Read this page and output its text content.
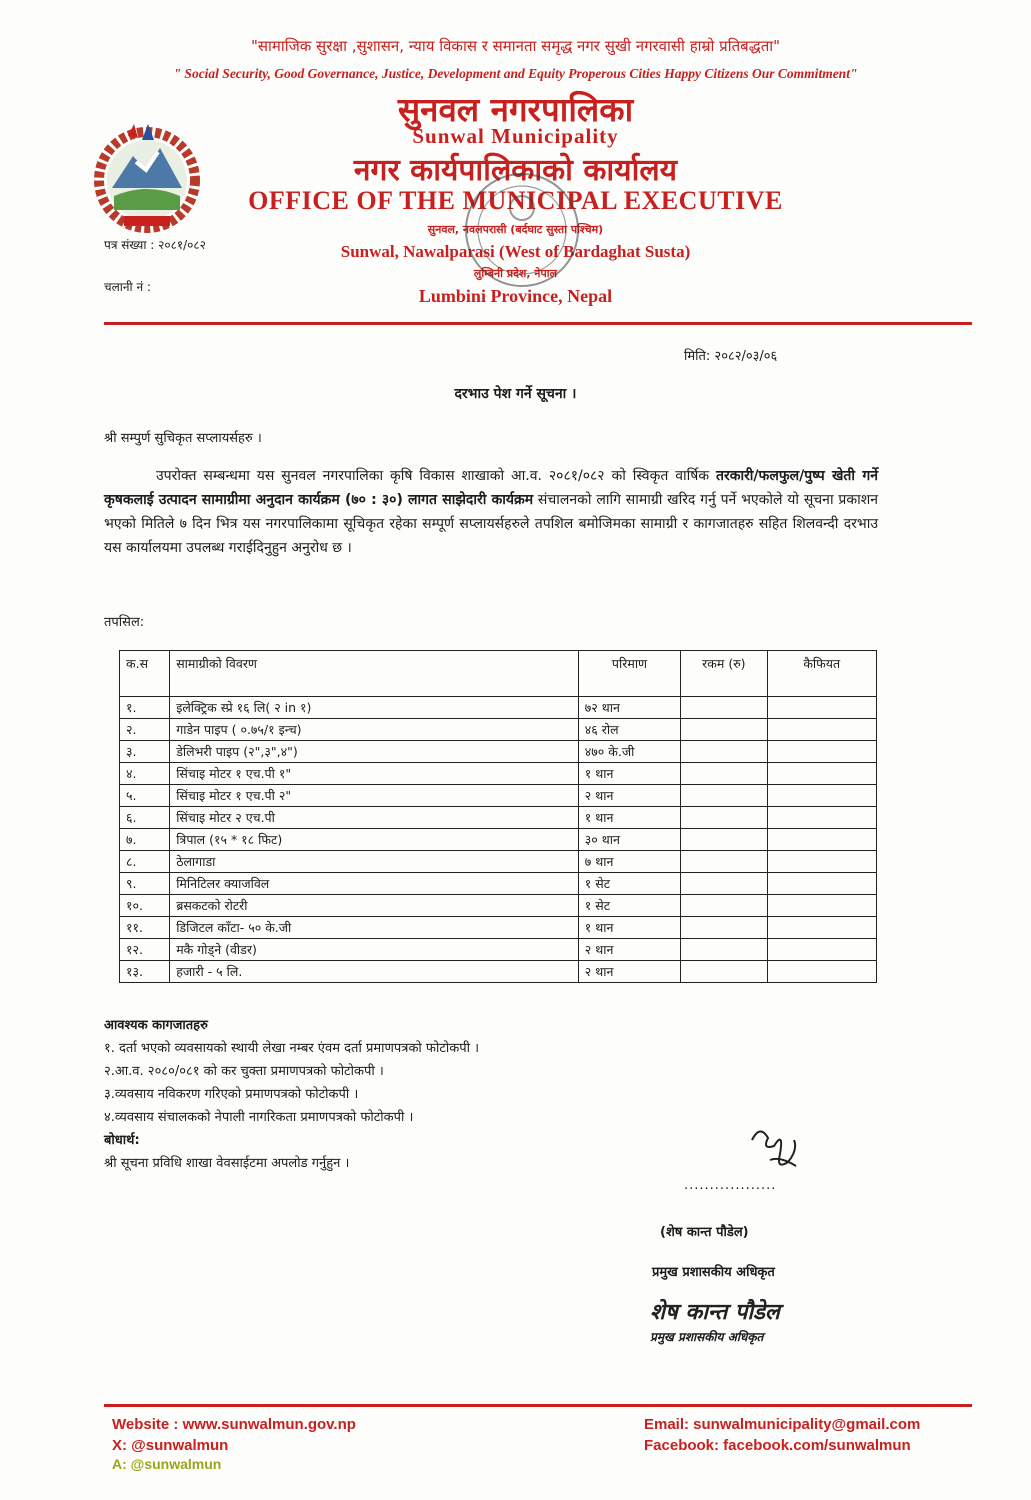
"सामाजिक सुरक्षा ,सुशासन, न्याय विकास र समानता समृद्ध नगर सुखी नगरवासी हाम्रो प्रतिबद्धता"
" Social Security, Good Governance, Justice, Development and Equity Properous Cities Happy Citizens Our Commitment"
सुनवल नगरपालिका
Sunwal Municipality
नगर कार्यपालिकाको कार्यालय
OFFICE OF THE MUNICIPAL EXECUTIVE
सुनवल, नवलपरासी (बर्दघाट सुस्ता पश्चिम)
Sunwal, Nawalparasi (West of Bardaghat Susta)
लुम्बिनी प्रदेश, नेपाल
Lumbini Province, Nepal
पत्र संख्या : २०८१/०८२
चलानी नं :
मिति: २०८२/०३/०६
दरभाउ पेश गर्ने सूचना ।
श्री सम्पुर्ण सुचिकृत सप्लायर्सहरु ।
उपरोक्त सम्बन्धमा यस सुनवल नगरपालिका कृषि विकास शाखाको आ.व. २०८१/०८२ को स्विकृत वार्षिक तरकारी/फलफुल/पुष्प खेती गर्ने कृषकलाई उत्पादन सामाग्रीमा अनुदान कार्यक्रम (७० : ३०) लागत साझेदारी कार्यक्रम संचालनको लागि सामाग्री खरिद गर्नु पर्ने भएकोले यो सूचना प्रकाशन भएको मितिले ७ दिन भित्र यस नगरपालिकामा सूचिकृत रहेका सम्पूर्ण सप्लायर्सहरुले तपशिल बमोजिमका सामाग्री र कागजातहरु सहित शिलवन्दी दरभाउ यस कार्यालयमा उपलब्ध गराईदिनुहुन अनुरोध छ ।
तपसिल:
क.स	सामाग्रीको विवरण	परिमाण	रकम (रु)	कैफियत
१.	इलेक्ट्रिक स्प्रे १६ लि( २ in १)	७२ थान		
२.	गाडेन पाइप ( ०.७५/१ इन्च)	४६ रोल		
३.	डेलिभरी पाइप (२",३",४")	४७० के.जी		
४.	सिंचाइ मोटर १ एच.पी १"	१ थान		
५.	सिंचाइ मोटर १ एच.पी २"	२ थान		
६.	सिंचाइ मोटर २ एच.पी	१ थान		
७.	त्रिपाल (१५ * १८ फिट)	३० थान		
८.	ठेलागाडा	७ थान		
९.	मिनिटिलर क्याजविल	१ सेट		
१०.	ब्रसकटको रोटरी	१ सेट		
११.	डिजिटल काँटा- ५० के.जी	१ थान		
१२.	मकै गोड्ने (वीडर)	२ थान		
१३.	हजारी - ५ लि.	२ थान		
आवश्यक कागजातहरु
१. दर्ता भएको व्यवसायको स्थायी लेखा नम्बर एंवम दर्ता प्रमाणपत्रको फोटोकपी ।
२.आ.व. २०८०/०८१ को कर चुक्ता प्रमाणपत्रको फोटोकपी ।
३.व्यवसाय नविकरण गरिएको प्रमाणपत्रको फोटोकपी ।
४.व्यवसाय संचालकको नेपाली नागरिकता प्रमाणपत्रको फोटोकपी ।
बोधार्थ:
श्री सूचना प्रविधि शाखा वेवसाईटमा अपलोड गर्नुहुन ।
..................
(शेष कान्त पौडेल)
प्रमुख प्रशासकीय अधिकृत
शेष कान्त पौडेल
प्रमुख प्रशासकीय अधिकृत
Website : www.sunwalmun.gov.np
X: @sunwalmun
A: @sunwalmun
Email: sunwalmunicipality@gmail.com
Facebook: facebook.com/sunwalmun
